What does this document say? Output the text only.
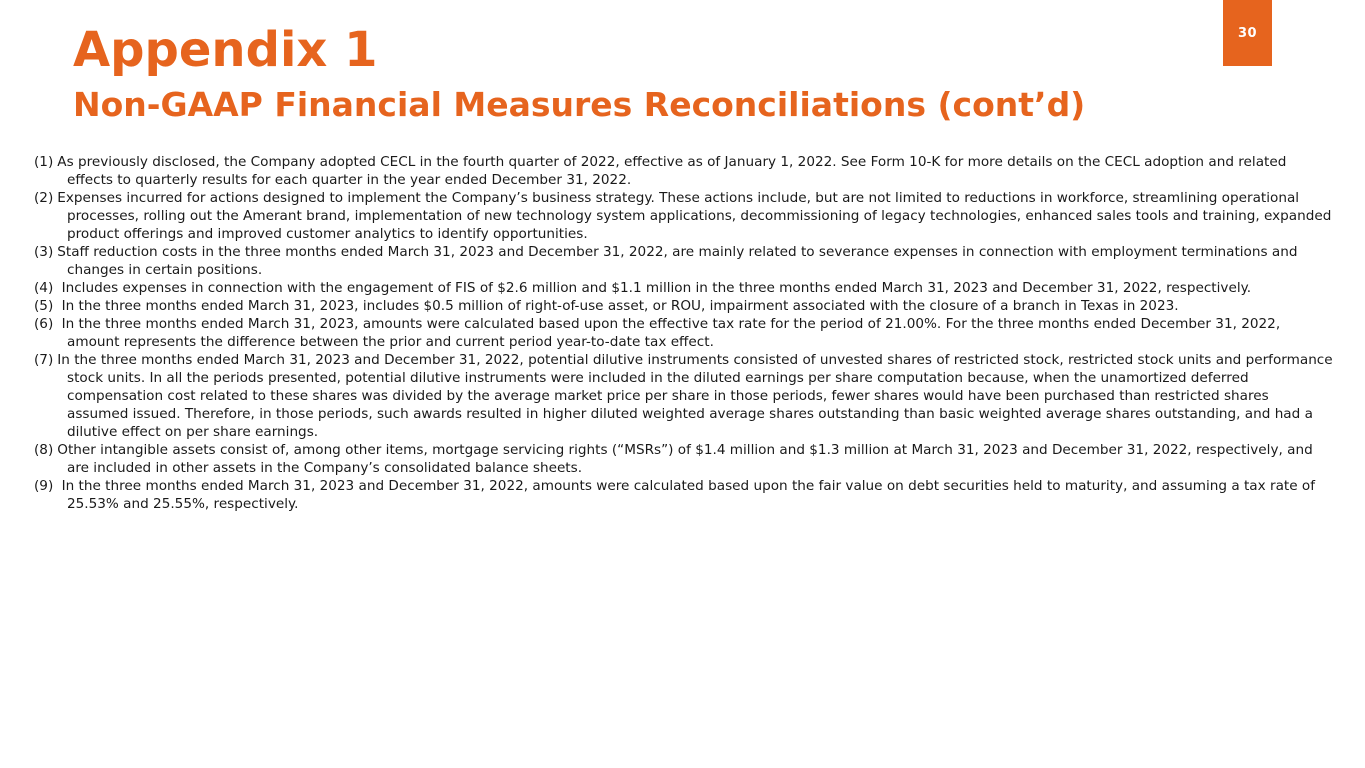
30
Appendix 1
Non-GAAP Financial Measures Reconciliations (cont’d)
(1) As previously disclosed, the Company adopted CECL in the fourth quarter of 2022, effective as of January 1, 2022. See Form 10-K for more details on the CECL adoption and related effects to quarterly results for each quarter in the year ended December 31, 2022.
(2) Expenses incurred for actions designed to implement the Company’s business strategy. These actions include, but are not limited to reductions in workforce, streamlining operational processes, rolling out the Amerant brand, implementation of new technology system applications, decommissioning of legacy technologies, enhanced sales tools and training, expanded product offerings and improved customer analytics to identify opportunities.
(3) Staff reduction costs in the three months ended March 31, 2023 and December 31, 2022, are mainly related to severance expenses in connection with employment terminations and changes in certain positions.
(4) Includes expenses in connection with the engagement of FIS of $2.6 million and $1.1 million in the three months ended March 31, 2023 and December 31, 2022, respectively.
(5) In the three months ended March 31, 2023, includes $0.5 million of right-of-use asset, or ROU, impairment associated with the closure of a branch in Texas in 2023.
(6) In the three months ended March 31, 2023, amounts were calculated based upon the effective tax rate for the period of 21.00%. For the three months ended December 31, 2022, amount represents the difference between the prior and current period year-to-date tax effect.
(7) In the three months ended March 31, 2023 and December 31, 2022, potential dilutive instruments consisted of unvested shares of restricted stock, restricted stock units and performance stock units. In all the periods presented, potential dilutive instruments were included in the diluted earnings per share computation because, when the unamortized deferred compensation cost related to these shares was divided by the average market price per share in those periods, fewer shares would have been purchased than restricted shares assumed issued. Therefore, in those periods, such awards resulted in higher diluted weighted average shares outstanding than basic weighted average shares outstanding, and had a dilutive effect on per share earnings.
(8) Other intangible assets consist of, among other items, mortgage servicing rights (“MSRs”) of $1.4 million and $1.3 million at March 31, 2023 and December 31, 2022, respectively, and are included in other assets in the Company’s consolidated balance sheets.
(9) In the three months ended March 31, 2023 and December 31, 2022, amounts were calculated based upon the fair value on debt securities held to maturity, and assuming a tax rate of 25.53% and 25.55%, respectively.
